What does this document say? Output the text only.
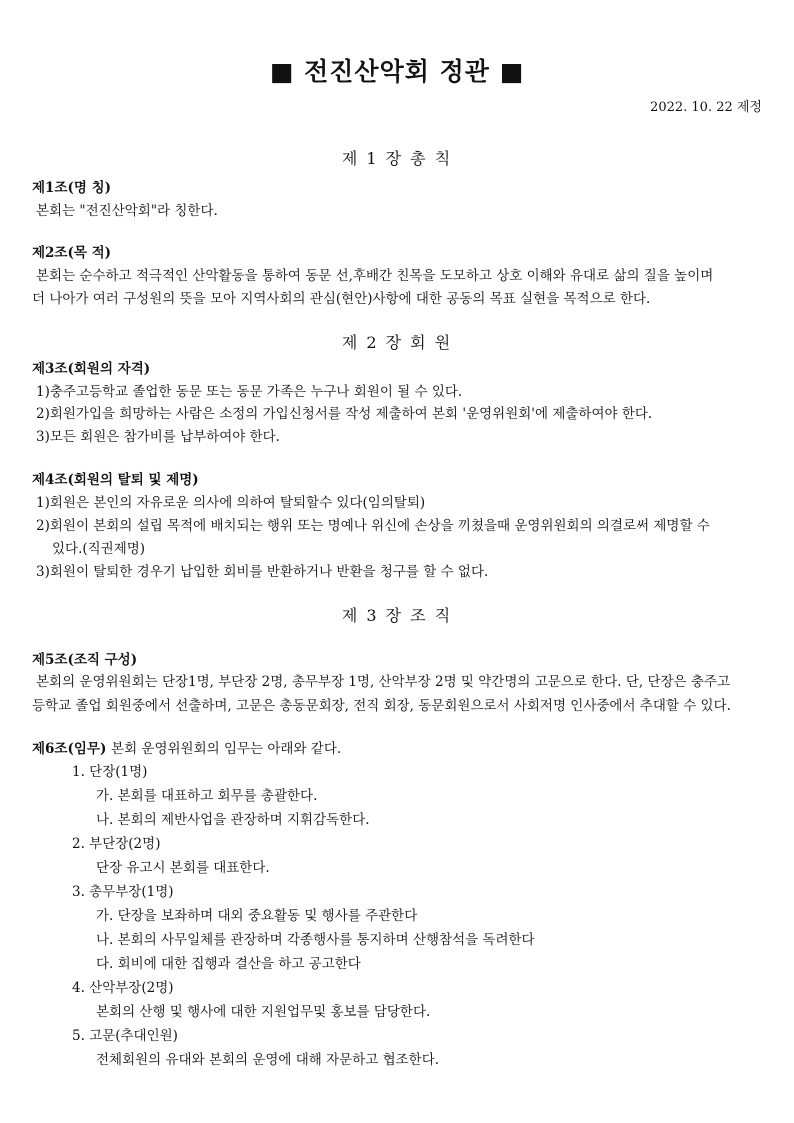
■ 전진산악회 정관 ■
2022. 10. 22 제정
제 1 장 총 칙
제1조(명 칭)
본회는 "전진산악회"라 칭한다.
제2조(목 적)
본회는 순수하고 적극적인 산악활동을 통하여 동문 선,후배간 친목을 도모하고 상호 이해와 유대로 삶의 질을 높이며
더 나아가 여러 구성원의 뜻을 모아 지역사회의 관심(현안)사항에 대한 공동의 목표 실현을 목적으로 한다.
제 2 장 회 원
제3조(회원의 자격)
1)충주고등학교 졸업한 동문 또는 동문 가족은 누구나 회원이 될 수 있다.
2)회원가입을 희망하는 사람은 소정의 가입신청서를 작성 제출하여 본회 '운영위원회'에 제출하여야 한다.
3)모든 회원은 참가비를 납부하여야 한다.
제4조(회원의 탈퇴 및 제명)
1)회원은 본인의 자유로운 의사에 의하여 탈퇴할수 있다(임의탈퇴)
2)회원이 본회의 설립 목적에 배치되는 행위 또는 명예나 위신에 손상을 끼쳤을때 운영위원회의 의결로써 제명할 수
있다.(직권제명)
3)회원이 탈퇴한 경우기 납입한 회비를 반환하거나 반환을 청구를 할 수 없다.
제 3 장 조 직
제5조(조직 구성)
본회의 운영위원회는 단장1명, 부단장 2명, 총무부장 1명, 산악부장 2명 및 약간명의 고문으로 한다. 단, 단장은 충주고
등학교 졸업 회원중에서 선출하며, 고문은 총동문회장, 전직 회장, 동문회원으로서 사회저명 인사중에서 추대할 수 있다.
제6조(임무) 본회 운영위원회의 임무는 아래와 같다.
1. 단장(1명)
가. 본회를 대표하고 회무를 총괄한다.
나. 본회의 제반사업을 관장하며 지휘감독한다.
2. 부단장(2명)
단장 유고시 본회를 대표한다.
3. 총무부장(1명)
가. 단장을 보좌하며 대외 중요활동 및 행사를 주관한다
나. 본회의 사무일체를 관장하며 각종행사를 통지하며 산행참석을 독려한다
다. 회비에 대한 집행과 결산을 하고 공고한다
4. 산악부장(2명)
본회의 산행 및 행사에 대한 지원업무및 홍보를 담당한다.
5. 고문(추대인원)
전체회원의 유대와 본회의 운영에 대해 자문하고 협조한다.
